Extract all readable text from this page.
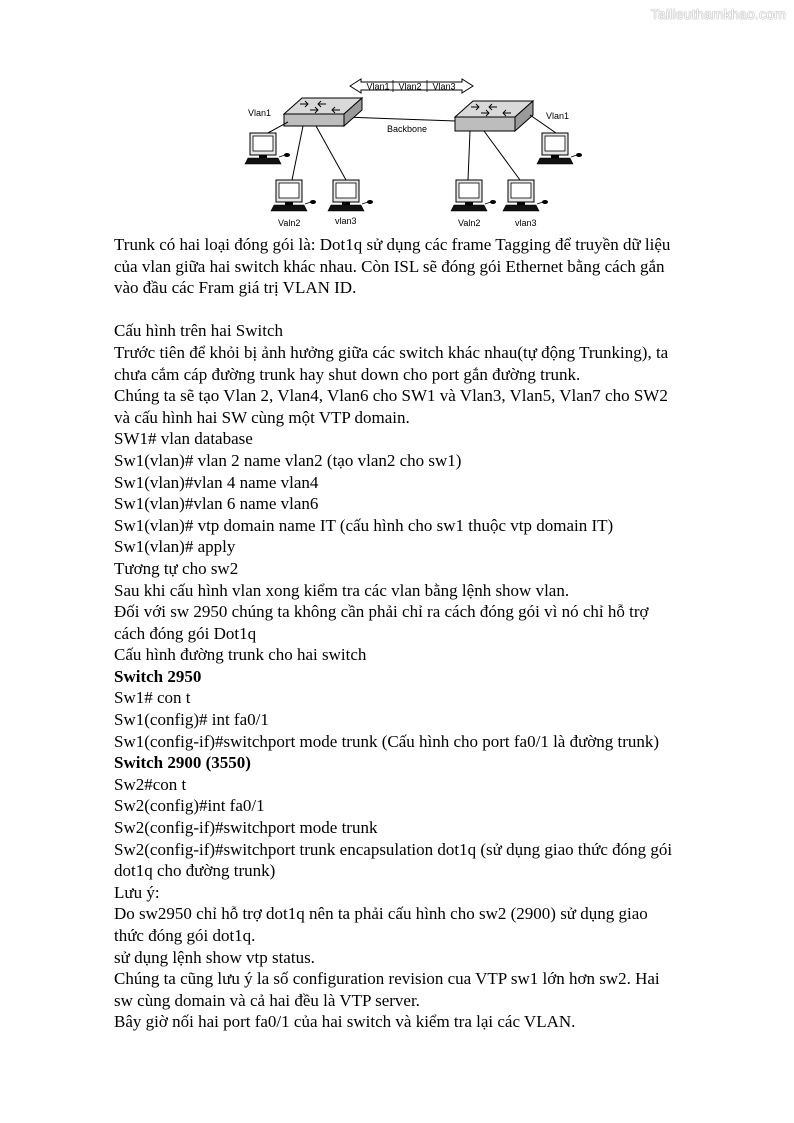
Tailieuthamkhao.com
Vlan1 Vlan2 Vlan3
Backbone
Vlan1	Vlan1
Valn2	vlan3	Valn2	vlan3
Trunk có hai loại đóng gói là: Dot1q sử dụng các frame Tagging để truyền dữ liệu
của vlan giữa hai switch khác nhau. Còn ISL sẽ đóng gói Ethernet bằng cách gắn
vào đầu các Fram giá trị VLAN ID.
Cấu hình trên hai Switch
Trước tiên để khỏi bị ảnh hưởng giữa các switch khác nhau(tự động Trunking), ta
chưa cắm cáp đường trunk hay shut down cho port gắn đường trunk.
Chúng ta sẽ tạo Vlan 2, Vlan4, Vlan6 cho SW1 và Vlan3, Vlan5, Vlan7 cho SW2
và cấu hình hai SW cùng một VTP domain.
SW1# vlan database
Sw1(vlan)# vlan 2 name vlan2 (tạo vlan2 cho sw1)
Sw1(vlan)#vlan 4 name vlan4
Sw1(vlan)#vlan 6 name vlan6
Sw1(vlan)# vtp domain name IT (cấu hình cho sw1 thuộc vtp domain IT)
Sw1(vlan)# apply
Tương tự cho sw2
Sau khi cấu hình vlan xong kiểm tra các vlan bằng lệnh show vlan.
Đối với sw 2950 chúng ta không cần phải chỉ ra cách đóng gói vì nó chỉ hỗ trợ
cách đóng gói Dot1q
Cấu hình đường trunk cho hai switch
Switch 2950
Sw1# con t
Sw1(config)# int fa0/1
Sw1(config-if)#switchport mode trunk (Cấu hình cho port fa0/1 là đường trunk)
Switch 2900 (3550)
Sw2#con t
Sw2(config)#int fa0/1
Sw2(config-if)#switchport mode trunk
Sw2(config-if)#switchport trunk encapsulation dot1q (sử dụng giao thức đóng gói
dot1q cho đường trunk)
Lưu ý:
Do sw2950 chỉ hỗ trợ dot1q nên ta phải cấu hình cho sw2 (2900) sử dụng giao
thức đóng gói dot1q.
sử dụng lệnh show vtp status.
Chúng ta cũng lưu ý la số configuration revision cua VTP sw1 lớn hơn sw2. Hai
sw cùng domain và cả hai đều là VTP server.
Bây giờ nối hai port fa0/1 của hai switch và kiểm tra lại các VLAN.
